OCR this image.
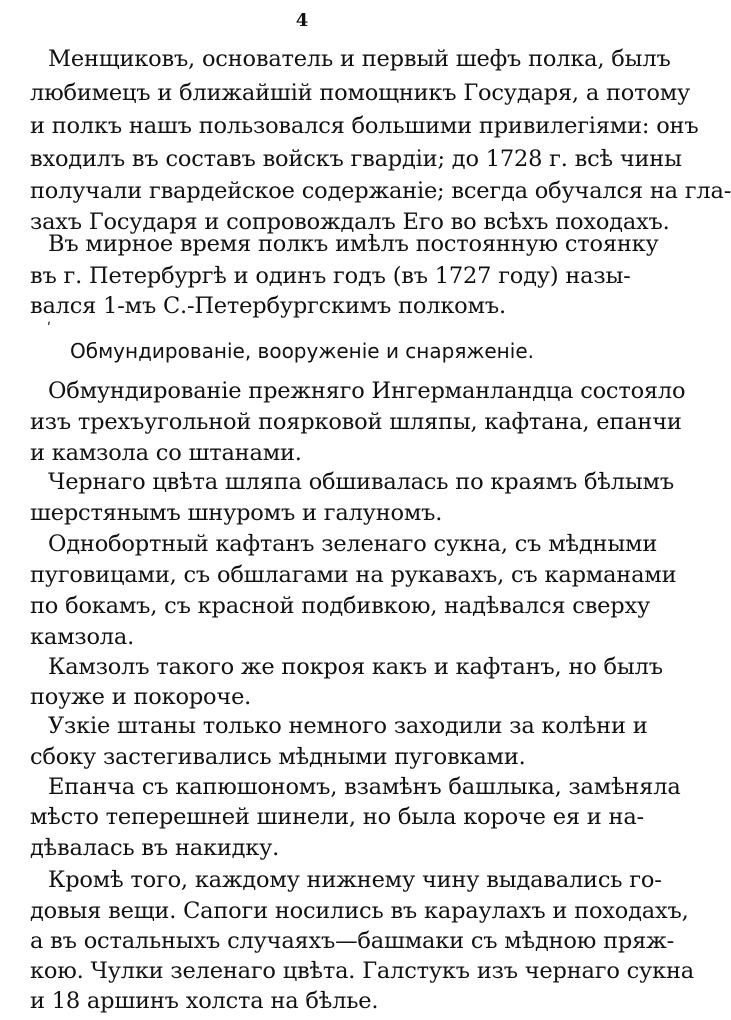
4
Менщиковъ, основатель и первый шефъ полка, былъ
любимецъ и ближайшій помощникъ Государя, а потому
и полкъ нашъ пользовался большими привилегіями: онъ
входилъ въ составъ войскъ гвардіи; до 1728 г. всѣ чины
получали гвардейское содержаніе; всегда обучался на гла-
захъ Государя и сопровождалъ Его во всѣхъ походахъ.
Въ мирное время полкъ имѣлъ постоянную стоянку
въ г. Петербургѣ и одинъ годъ (въ 1727 году) назы-
вался 1-мъ С.-Петербургскимъ полкомъ.
ʹ
Обмундированіе, вооруженіе и снаряженіе.
Обмундированіе прежняго Ингерманландца состояло
изъ трехъугольной поярковой шляпы, кафтана, епанчи
и камзола со штанами.
Чернаго цвѣта шляпа обшивалась по краямъ бѣлымъ
шерстянымъ шнуромъ и галуномъ.
Однобортный кафтанъ зеленаго сукна, съ мѣдными
пуговицами, съ обшлагами на рукавахъ, съ карманами
по бокамъ, съ красной подбивкою, надѣвался сверху
камзола.
Камзолъ такого же покроя какъ и кафтанъ, но былъ
поуже и покороче.
Узкіе штаны только немного заходили за колѣни и
сбоку застегивались мѣдными пуговками.
Епанча съ капюшономъ, взамѣнъ башлыка, замѣняла
мѣсто теперешней шинели, но была короче ея и на-
дѣвалась въ накидку.
Кромѣ того, каждому нижнему чину выдавались го-
довыя вещи. Сапоги носились въ караулахъ и походахъ,
а въ остальныхъ случаяхъ—башмаки съ мѣдною пряж-
кою. Чулки зеленаго цвѣта. Галстукъ изъ чернаго сукна
и 18 аршинъ холста на бѣлье.
